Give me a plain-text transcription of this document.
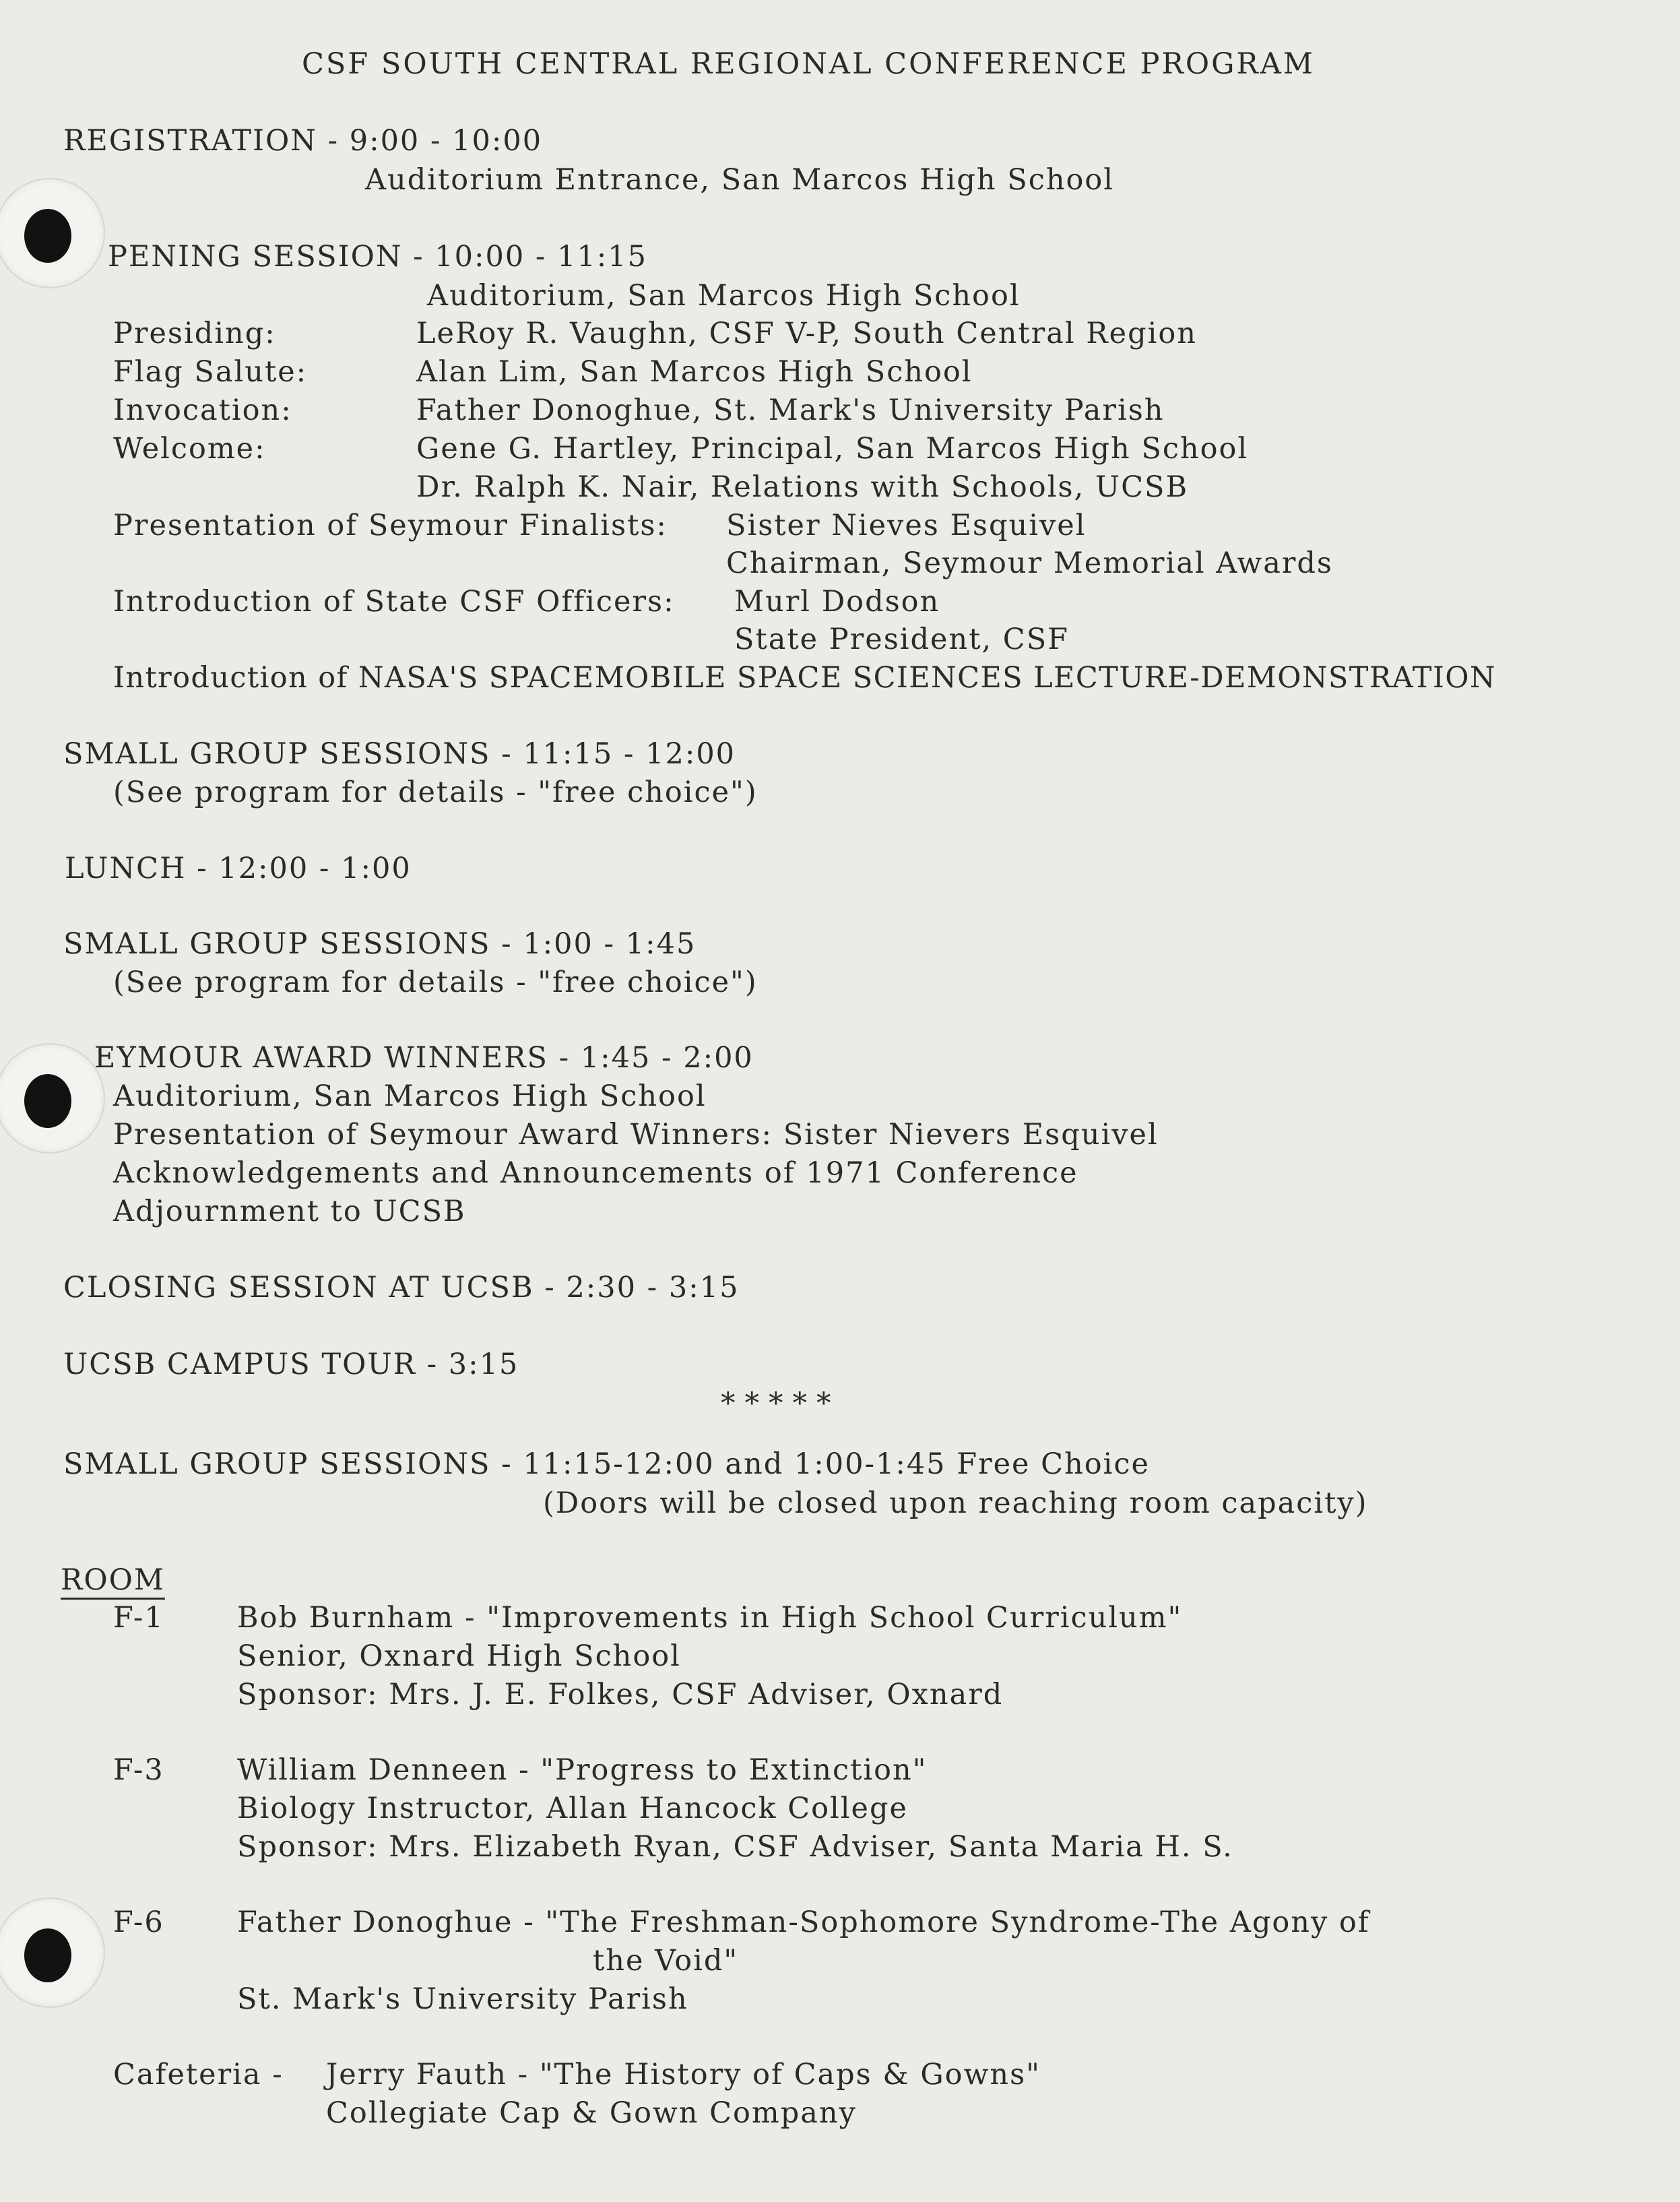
CSF SOUTH CENTRAL REGIONAL CONFERENCE PROGRAM
REGISTRATION - 9:00 - 10:00
Auditorium Entrance, San Marcos High School
PENING SESSION - 10:00 - 11:15
Auditorium, San Marcos High School
Presiding:	LeRoy R. Vaughn, CSF V-P, South Central Region
Flag Salute:	Alan Lim, San Marcos High School
Invocation:	Father Donoghue, St. Mark's University Parish
Welcome:	Gene G. Hartley, Principal, San Marcos High School
Dr. Ralph K. Nair, Relations with Schools, UCSB
Presentation of Seymour Finalists: Sister Nieves Esquivel
Chairman, Seymour Memorial Awards
Introduction of State CSF Officers: Murl Dodson
State President, CSF
Introduction of NASA'S SPACEMOBILE SPACE SCIENCES LECTURE-DEMONSTRATION
SMALL GROUP SESSIONS - 11:15 - 12:00
(See program for details - "free choice")
LUNCH - 12:00 - 1:00
SMALL GROUP SESSIONS - 1:00 - 1:45
(See program for details - "free choice")
EYMOUR AWARD WINNERS - 1:45 - 2:00
Auditorium, San Marcos High School
Presentation of Seymour Award Winners: Sister Nievers Esquivel
Acknowledgements and Announcements of 1971 Conference
Adjournment to UCSB
CLOSING SESSION AT UCSB - 2:30 - 3:15
UCSB CAMPUS TOUR - 3:15
*****
SMALL GROUP SESSIONS - 11:15-12:00 and 1:00-1:45 Free Choice
(Doors will be closed upon reaching room capacity)
ROOM
F-1	Bob Burnham - "Improvements in High School Curriculum"
Senior, Oxnard High School
Sponsor: Mrs. J. E. Folkes, CSF Adviser, Oxnard
F-3	William Denneen - "Progress to Extinction"
Biology Instructor, Allan Hancock College
Sponsor: Mrs. Elizabeth Ryan, CSF Adviser, Santa Maria H. S.
F-6	Father Donoghue - "The Freshman-Sophomore Syndrome-The Agony of
the Void"
St. Mark's University Parish
Cafeteria - Jerry Fauth - "The History of Caps & Gowns"
Collegiate Cap & Gown Company
